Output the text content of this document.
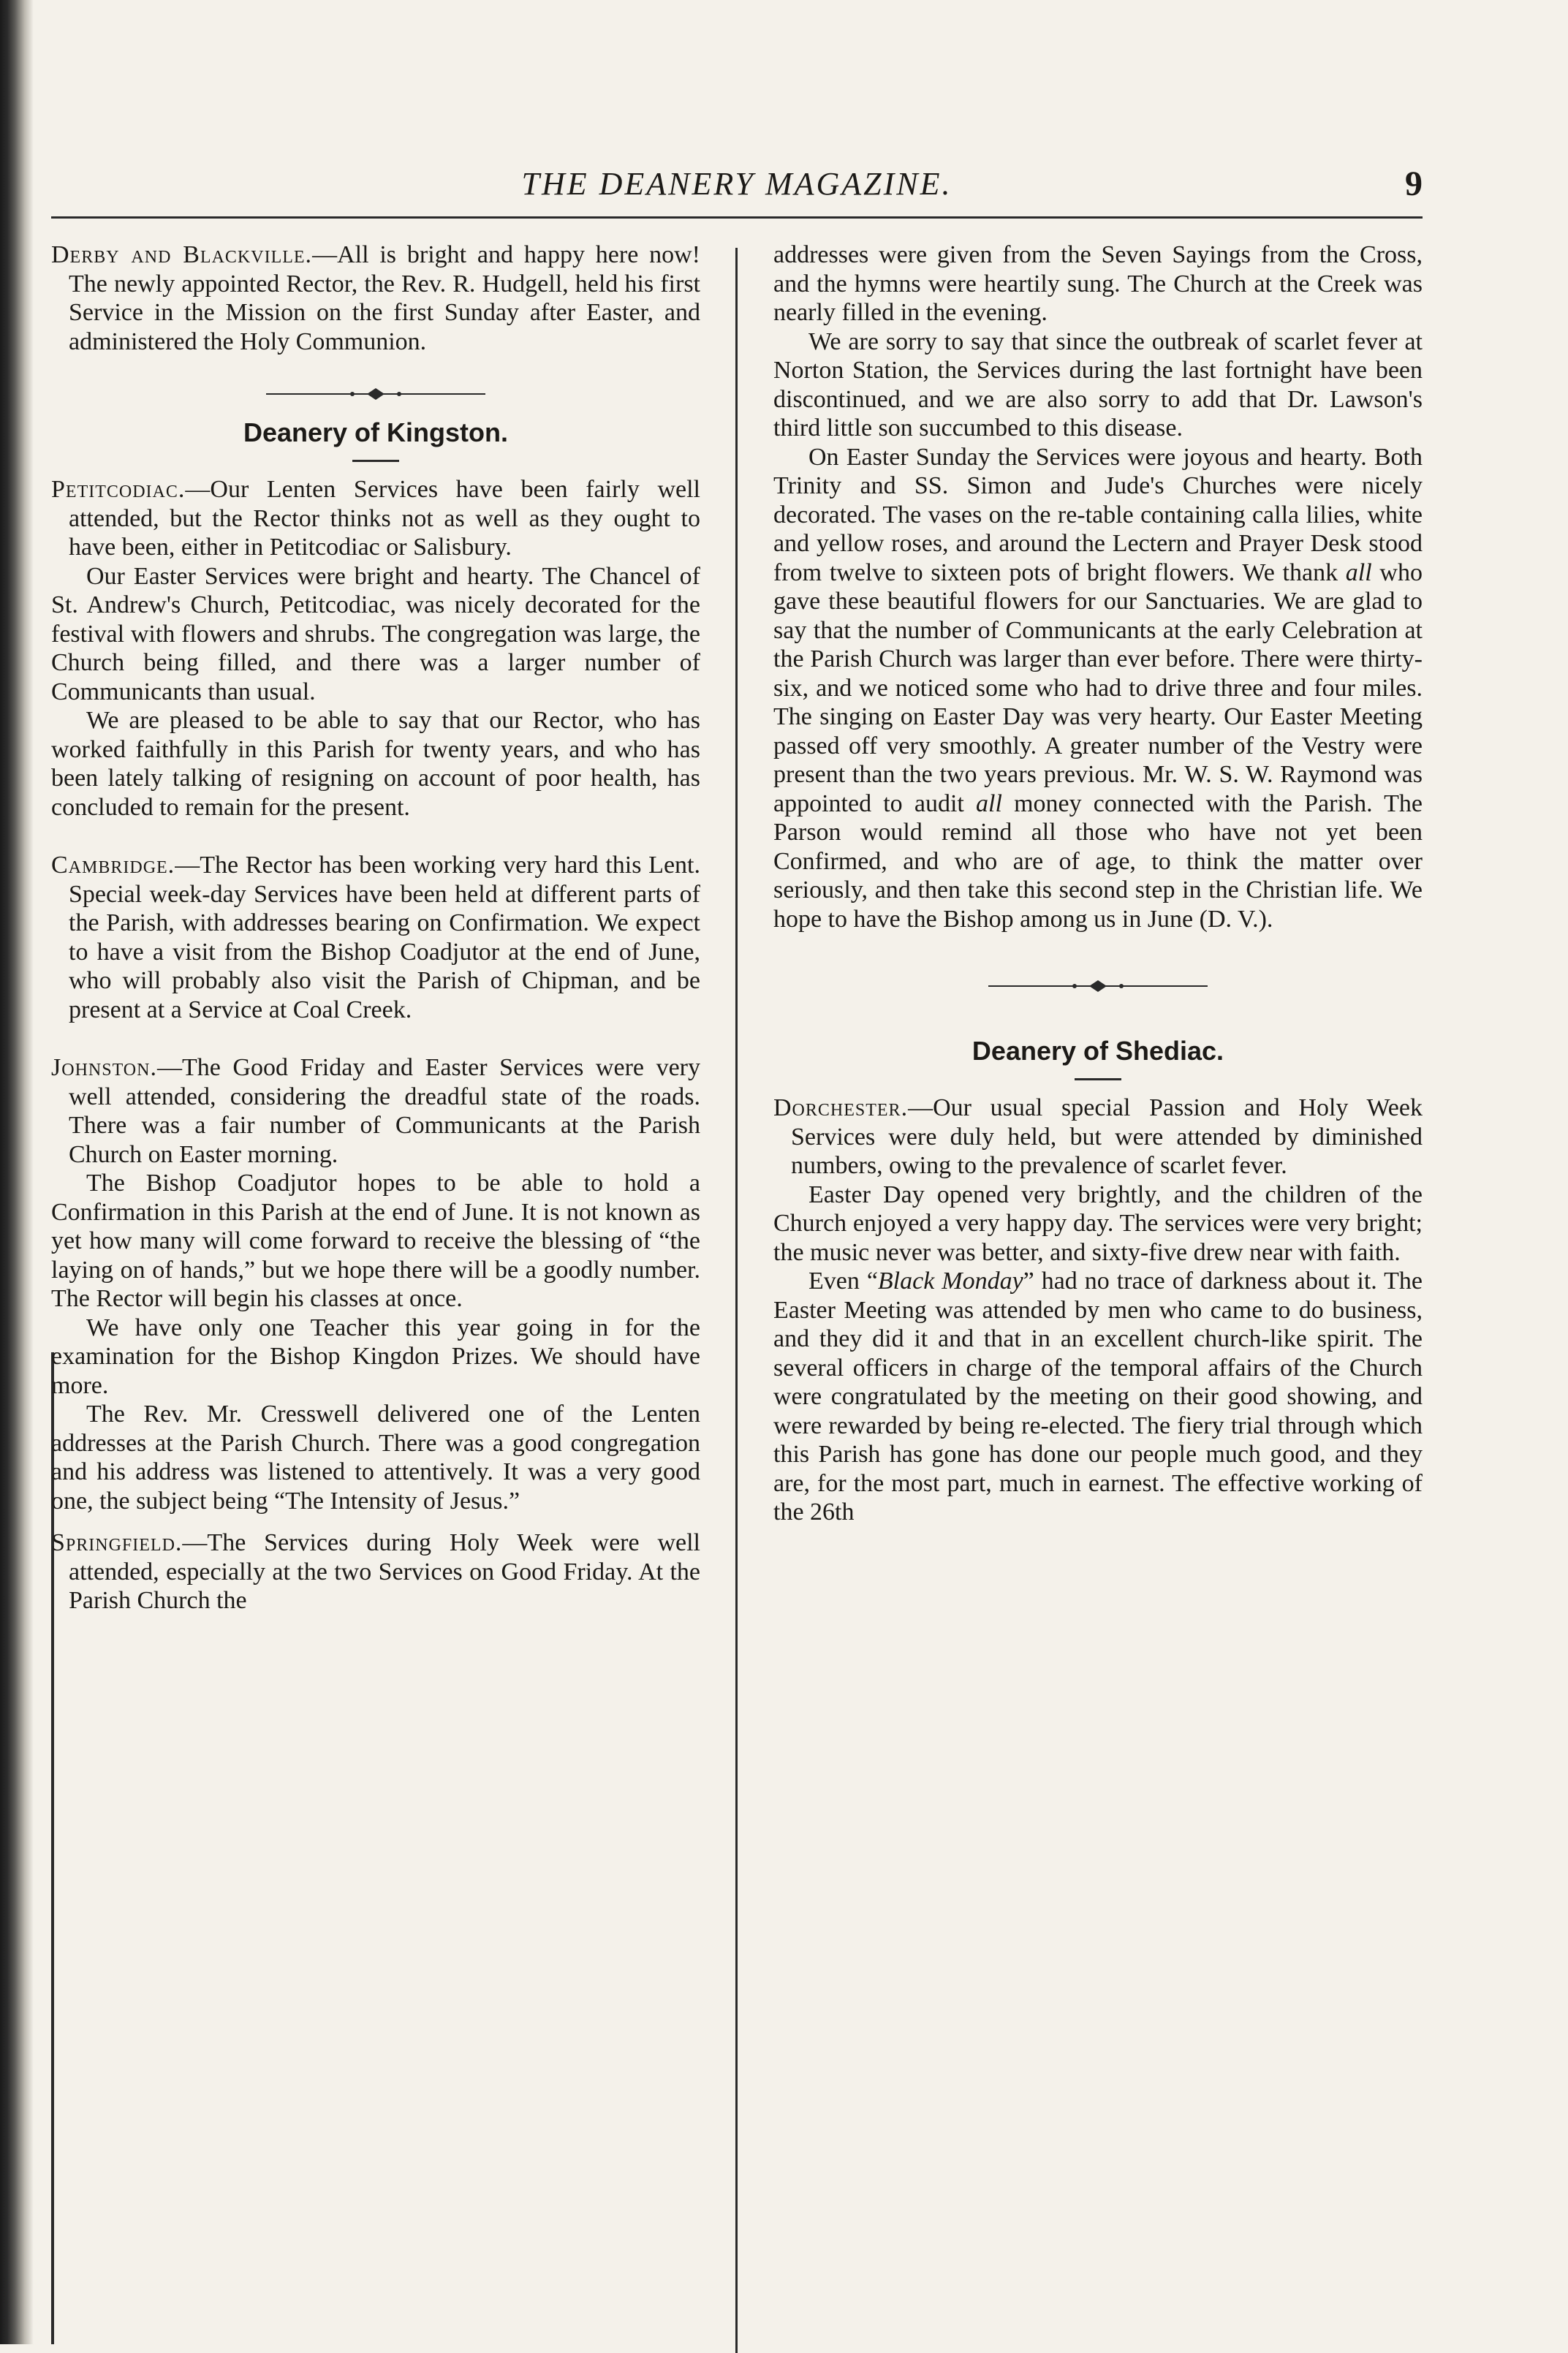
THE DEANERY MAGAZINE.	9

Derby and Blackville.—All is bright and happy here now! The newly appointed Rector, the Rev. R. Hudgell, held his first Service in the Mission on the first Sunday after Easter, and administered the Holy Communion.

Deanery of Kingston.

Petitcodiac.—Our Lenten Services have been fairly well attended, but the Rector thinks not as well as they ought to have been, either in Petitcodiac or Salisbury.

Our Easter Services were bright and hearty. The Chancel of St. Andrew's Church, Petitcodiac, was nicely decorated for the festival with flowers and shrubs. The congregation was large, the Church being filled, and there was a larger number of Communicants than usual.

We are pleased to be able to say that our Rector, who has worked faithfully in this Parish for twenty years, and who has been lately talking of resigning on account of poor health, has concluded to remain for the present.

Cambridge.—The Rector has been working very hard this Lent. Special week-day Services have been held at different parts of the Parish, with addresses bearing on Confirmation. We expect to have a visit from the Bishop Coadjutor at the end of June, who will probably also visit the Parish of Chipman, and be present at a Service at Coal Creek.

Johnston.—The Good Friday and Easter Services were very well attended, considering the dreadful state of the roads. There was a fair number of Communicants at the Parish Church on Easter morning.

The Bishop Coadjutor hopes to be able to hold a Confirmation in this Parish at the end of June. It is not known as yet how many will come forward to receive the blessing of “the laying on of hands,” but we hope there will be a goodly number. The Rector will begin his classes at once.

We have only one Teacher this year going in for the examination for the Bishop Kingdon Prizes. We should have more.

The Rev. Mr. Cresswell delivered one of the Lenten addresses at the Parish Church. There was a good congregation and his address was listened to attentively. It was a very good one, the subject being “The Intensity of Jesus.”

Springfield.—The Services during Holy Week were well attended, especially at the two Services on Good Friday. At the Parish Church the

addresses were given from the Seven Sayings from the Cross, and the hymns were heartily sung. The Church at the Creek was nearly filled in the evening.

We are sorry to say that since the outbreak of scarlet fever at Norton Station, the Services during the last fortnight have been discontinued, and we are also sorry to add that Dr. Lawson's third little son succumbed to this disease.

On Easter Sunday the Services were joyous and hearty. Both Trinity and SS. Simon and Jude's Churches were nicely decorated. The vases on the re-table containing calla lilies, white and yellow roses, and around the Lectern and Prayer Desk stood from twelve to sixteen pots of bright flowers. We thank all who gave these beautiful flowers for our Sanctuaries. We are glad to say that the number of Communicants at the early Celebration at the Parish Church was larger than ever before. There were thirty-six, and we noticed some who had to drive three and four miles. The singing on Easter Day was very hearty. Our Easter Meeting passed off very smoothly. A greater number of the Vestry were present than the two years previous. Mr. W. S. W. Raymond was appointed to audit all money connected with the Parish. The Parson would remind all those who have not yet been Confirmed, and who are of age, to think the matter over seriously, and then take this second step in the Christian life. We hope to have the Bishop among us in June (D. V.).

Deanery of Shediac.

Dorchester.—Our usual special Passion and Holy Week Services were duly held, but were attended by diminished numbers, owing to the prevalence of scarlet fever.

Easter Day opened very brightly, and the children of the Church enjoyed a very happy day. The services were very bright; the music never was better, and sixty-five drew near with faith.

Even “Black Monday” had no trace of darkness about it. The Easter Meeting was attended by men who came to do business, and they did it and that in an excellent church-like spirit. The several officers in charge of the temporal affairs of the Church were congratulated by the meeting on their good showing, and were rewarded by being re-elected. The fiery trial through which this Parish has gone has done our people much good, and they are, for the most part, much in earnest. The effective working of the 26th
